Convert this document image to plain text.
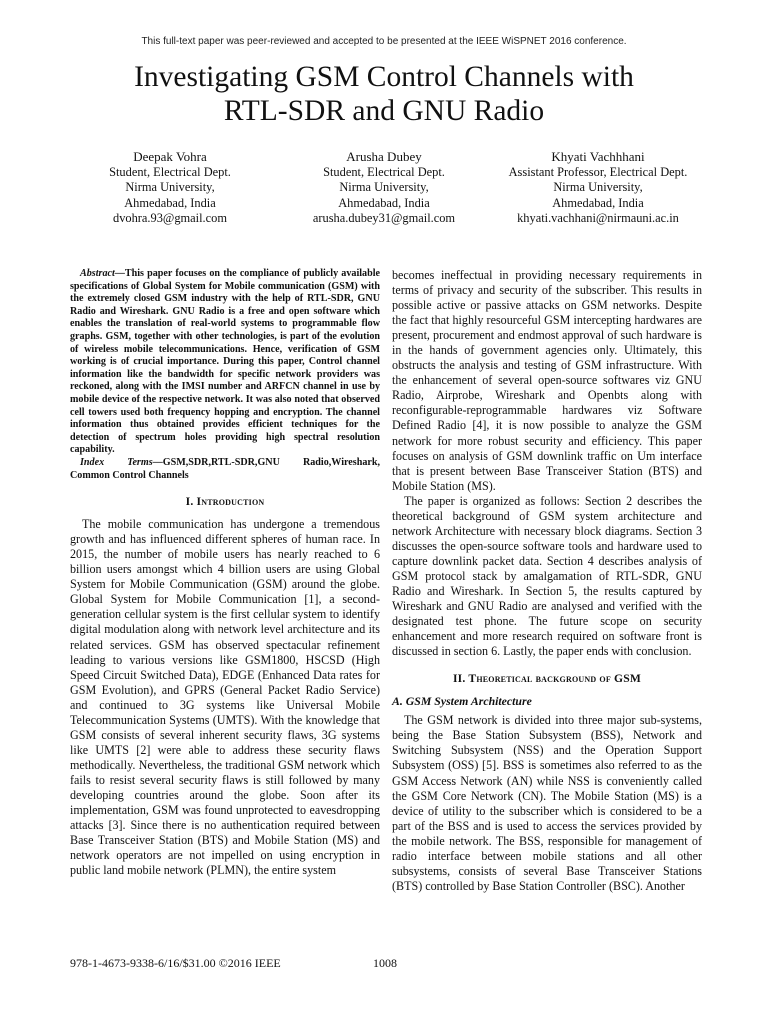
This full-text paper was peer-reviewed and accepted to be presented at the IEEE WiSPNET 2016 conference.
Investigating GSM Control Channels with
RTL-SDR and GNU Radio
Deepak Vohra
Student, Electrical Dept.
Nirma University,
Ahmedabad, India
dvohra.93@gmail.com
Arusha Dubey
Student, Electrical Dept.
Nirma University,
Ahmedabad, India
arusha.dubey31@gmail.com
Khyati Vachhhani
Assistant Professor, Electrical Dept.
Nirma University,
Ahmedabad, India
khyati.vachhani@nirmauni.ac.in

Abstract—This paper focuses on the compliance of publicly available specifications of Global System for Mobile communication (GSM) with the extremely closed GSM industry with the help of RTL-SDR, GNU Radio and Wireshark. GNU Radio is a free and open software which enables the translation of real-world systems to programmable flow graphs. GSM, together with other technologies, is part of the evolution of wireless mobile telecommunications. Hence, verification of GSM working is of crucial importance. During this paper, Control channel information like the bandwidth for specific network providers was reckoned, along with the IMSI number and ARFCN channel in use by mobile device of the respective network. It was also noted that observed cell towers used both frequency hopping and encryption. The channel information thus obtained provides efficient techniques for the detection of spectrum holes providing high spectral resolution capability.

Index Terms—GSM,SDR,RTL-SDR,GNU Radio,Wireshark, Common Control Channels

I. Introduction

The mobile communication has undergone a tremendous growth and has influenced different spheres of human race. In 2015, the number of mobile users has nearly reached to 6 billion users amongst which 4 billion users are using Global System for Mobile Communication (GSM) around the globe. Global System for Mobile Communication [1], a second-generation cellular system is the first cellular system to identify digital modulation along with network level architecture and its related services. GSM has observed spectacular refinement leading to various versions like GSM1800, HSCSD (High Speed Circuit Switched Data), EDGE (Enhanced Data rates for GSM Evolution), and GPRS (General Packet Radio Service) and continued to 3G systems like Universal Mobile Telecommunication Systems (UMTS). With the knowledge that GSM consists of several inherent security flaws, 3G systems like UMTS [2] were able to address these security flaws methodically. Nevertheless, the traditional GSM network which fails to resist several security flaws is still followed by many developing countries around the globe. Soon after its implementation, GSM was found unprotected to eavesdropping attacks [3]. Since there is no authentication required between Base Transceiver Station (BTS) and Mobile Station (MS) and network operators are not impelled on using encryption in public land mobile network (PLMN), the entire system

becomes ineffectual in providing necessary requirements in terms of privacy and security of the subscriber. This results in possible active or passive attacks on GSM networks. Despite the fact that highly resourceful GSM intercepting hardwares are present, procurement and endmost approval of such hardware is in the hands of government agencies only. Ultimately, this obstructs the analysis and testing of GSM infrastructure. With the enhancement of several open-source softwares viz GNU Radio, Airprobe, Wireshark and Openbts along with reconfigurable-reprogrammable hardwares viz Software Defined Radio [4], it is now possible to analyze the GSM network for more robust security and efficiency. This paper focuses on analysis of GSM downlink traffic on Um interface that is present between Base Transceiver Station (BTS) and Mobile Station (MS).

The paper is organized as follows: Section 2 describes the theoretical background of GSM system architecture and network Architecture with necessary block diagrams. Section 3 discusses the open-source software tools and hardware used to capture downlink packet data. Section 4 describes analysis of GSM protocol stack by amalgamation of RTL-SDR, GNU Radio and Wireshark. In Section 5, the results captured by Wireshark and GNU Radio are analysed and verified with the designated test phone. The future scope on security enhancement and more research required on software front is discussed in section 6. Lastly, the paper ends with conclusion.

II. Theoretical background of GSM
A. GSM System Architecture

The GSM network is divided into three major sub-systems, being the Base Station Subsystem (BSS), Network and Switching Subsystem (NSS) and the Operation Support Subsystem (OSS) [5]. BSS is sometimes also referred to as the GSM Access Network (AN) while NSS is conveniently called the GSM Core Network (CN). The Mobile Station (MS) is a device of utility to the subscriber which is considered to be a part of the BSS and is used to access the services provided by the mobile network. The BSS, responsible for management of radio interface between mobile stations and all other subsystems, consists of several Base Transceiver Stations (BTS) controlled by Base Station Controller (BSC). Another

978-1-4673-9338-6/16/$31.00 ©2016 IEEE	1008
